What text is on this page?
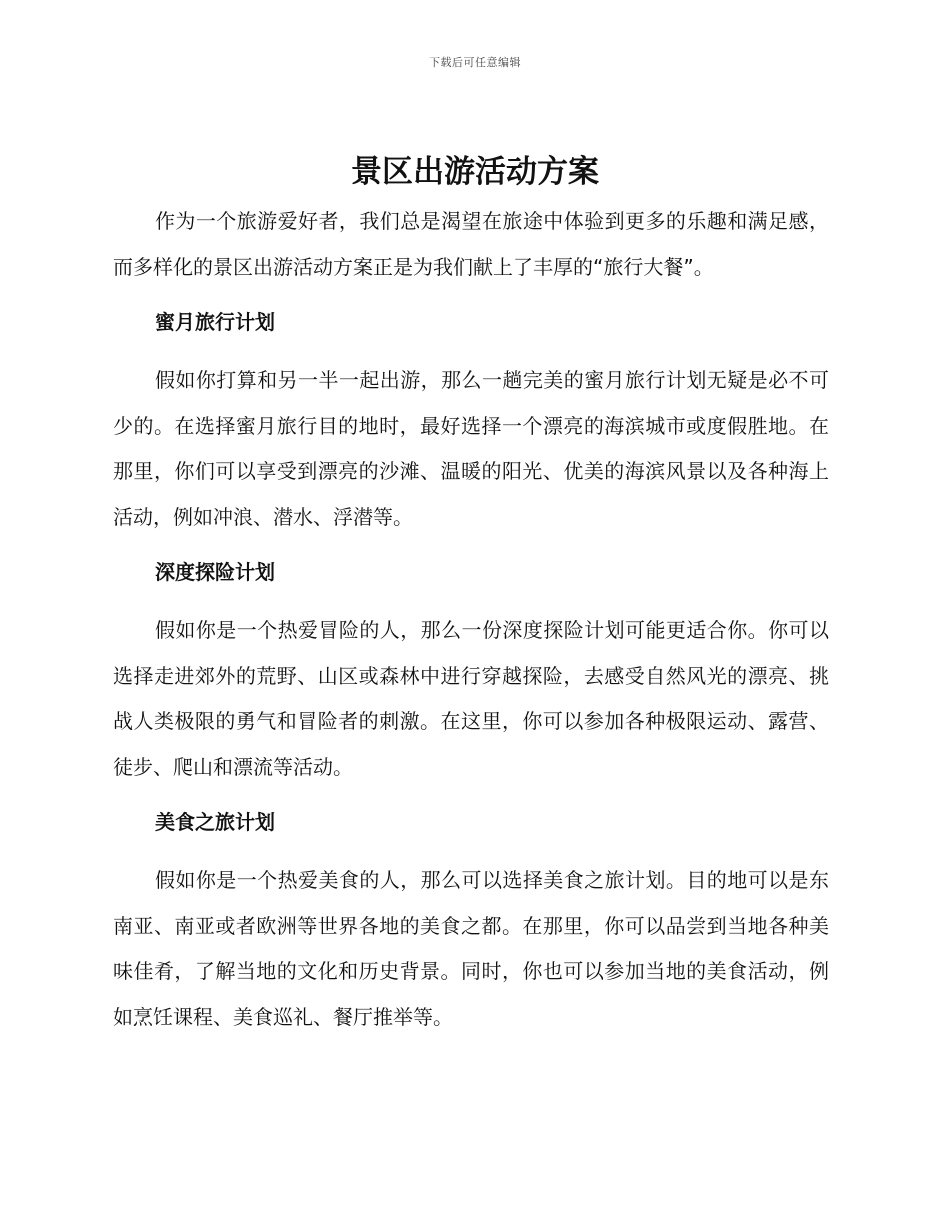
下载后可任意编辑
景区出游活动方案

作为一个旅游爱好者，我们总是渴望在旅途中体验到更多的乐趣和满足感，而多样化的景区出游活动方案正是为我们献上了丰厚的“旅行大餐”。

蜜月旅行计划

假如你打算和另一半一起出游，那么一趟完美的蜜月旅行计划无疑是必不可少的。在选择蜜月旅行目的地时，最好选择一个漂亮的海滨城市或度假胜地。在那里，你们可以享受到漂亮的沙滩、温暖的阳光、优美的海滨风景以及各种海上活动，例如冲浪、潜水、浮潜等。

深度探险计划

假如你是一个热爱冒险的人，那么一份深度探险计划可能更适合你。你可以选择走进郊外的荒野、山区或森林中进行穿越探险，去感受自然风光的漂亮、挑战人类极限的勇气和冒险者的刺激。在这里，你可以参加各种极限运动、露营、徒步、爬山和漂流等活动。

美食之旅计划

假如你是一个热爱美食的人，那么可以选择美食之旅计划。目的地可以是东南亚、南亚或者欧洲等世界各地的美食之都。在那里，你可以品尝到当地各种美味佳肴，了解当地的文化和历史背景。同时，你也可以参加当地的美食活动，例如烹饪课程、美食巡礼、餐厅推举等。
